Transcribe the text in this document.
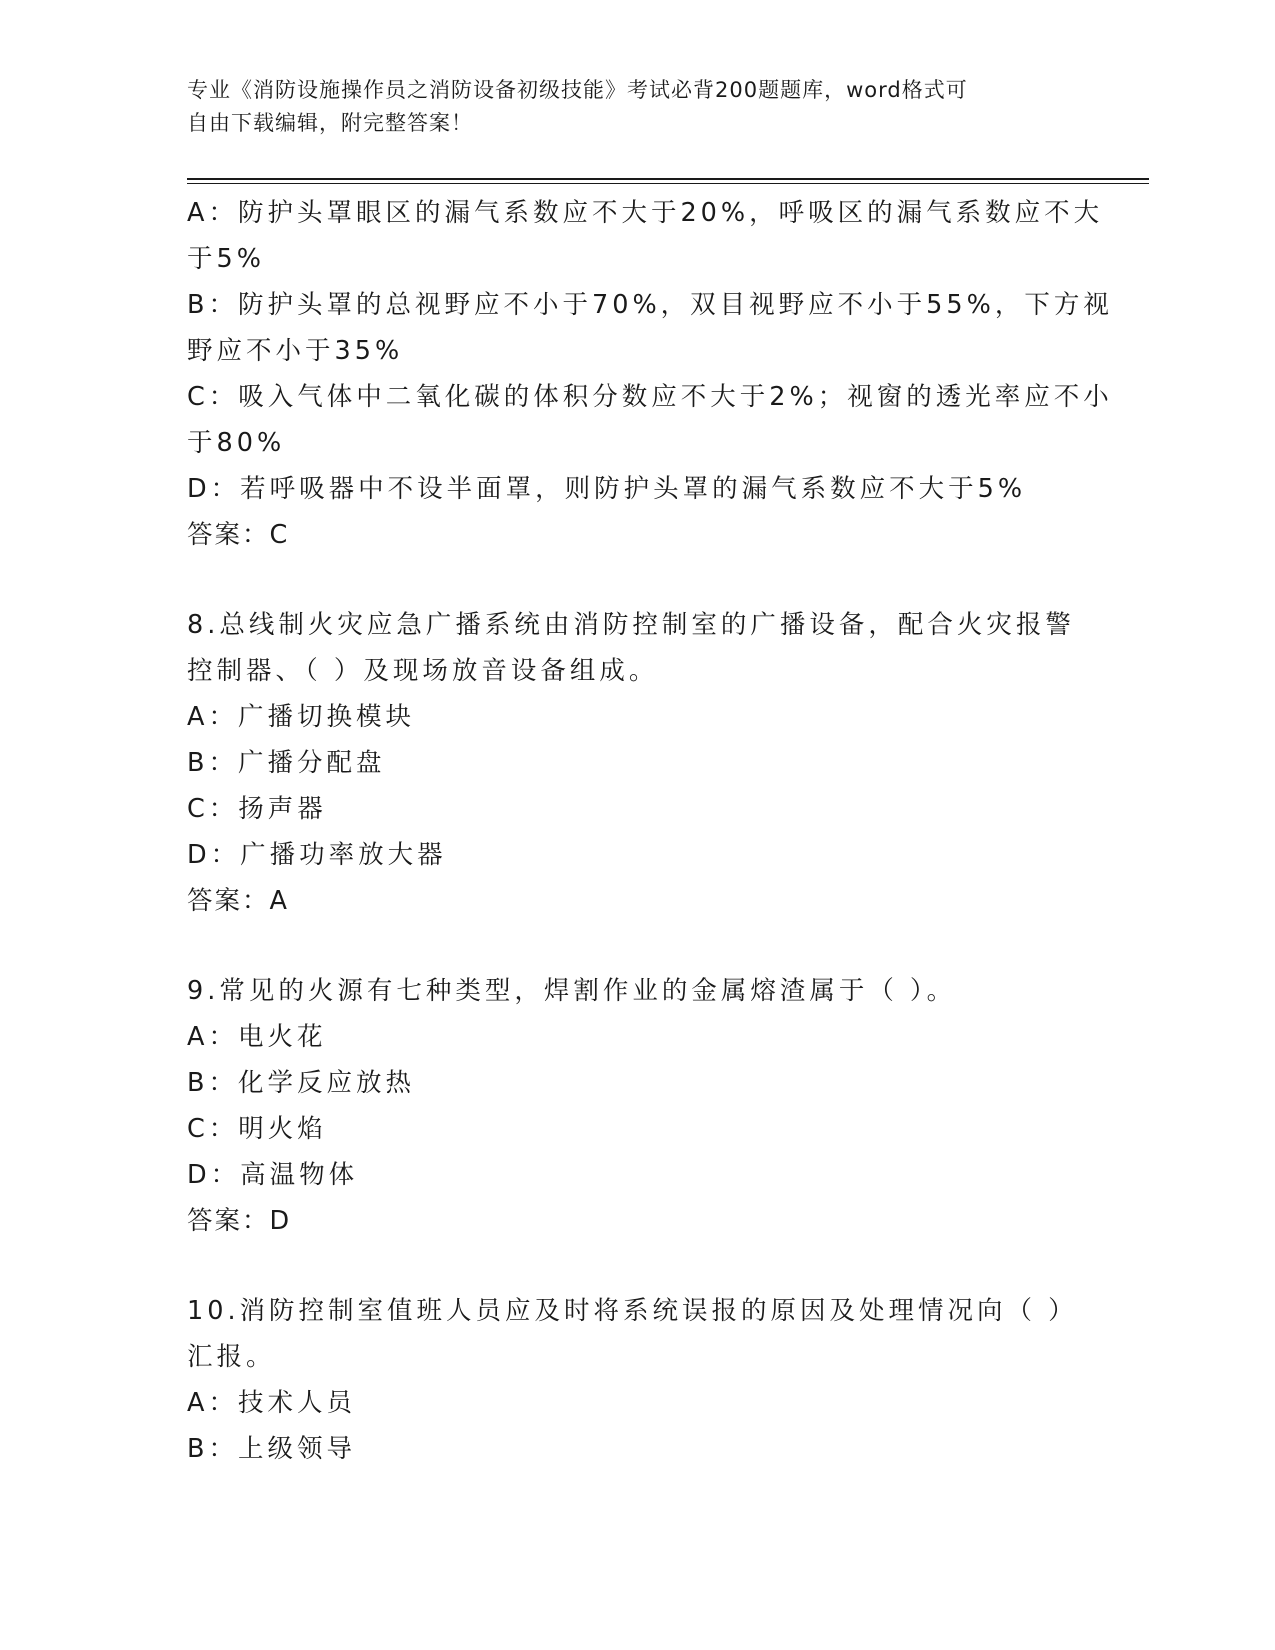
专业《消防设施操作员之消防设备初级技能》考试必背200题题库，word格式可
自由下载编辑，附完整答案！
A：防护头罩眼区的漏气系数应不大于20%，呼吸区的漏气系数应不大
于5%
B：防护头罩的总视野应不小于70%，双目视野应不小于55%，下方视
野应不小于35%
C：吸入气体中二氧化碳的体积分数应不大于2%；视窗的透光率应不小
于80%
D：若呼吸器中不设半面罩，则防护头罩的漏气系数应不大于5%
答案：C
8.总线制火灾应急广播系统由消防控制室的广播设备，配合火灾报警
控制器、（ ）及现场放音设备组成。
A：广播切换模块
B：广播分配盘
C：扬声器
D：广播功率放大器
答案：A
9.常见的火源有七种类型，焊割作业的金属熔渣属于（ ）。
A：电火花
B：化学反应放热
C：明火焰
D：高温物体
答案：D
10.消防控制室值班人员应及时将系统误报的原因及处理情况向（ ）
汇报。
A：技术人员
B：上级领导
